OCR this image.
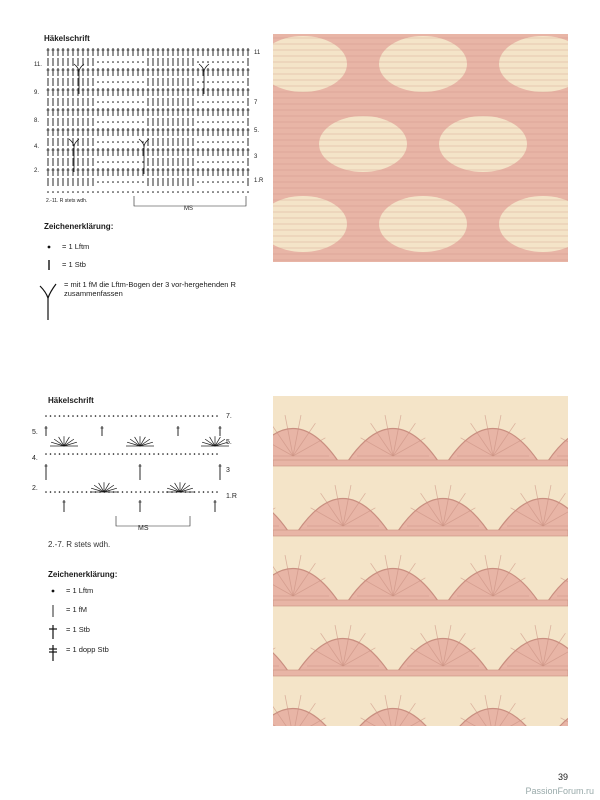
Häkelschrift
11.
9.
8.
4.
2.
11
7
5.
3
1.R
2.-11. R stets wdh.
MS
Zeichenerklärung:
= 1 Lftm
= 1 Stb
= mit 1 fM die Lftm-Bogen der 3 vor-hergehenden R zusammenfassen
Häkelschrift
5.
4.
2.
7.
5.
3
1.R
MS
2.-7. R stets wdh.
Zeichenerklärung:
= 1 Lftm
= 1 fM
= 1 Stb
= 1 dopp Stb
39
PassionForum.ru
